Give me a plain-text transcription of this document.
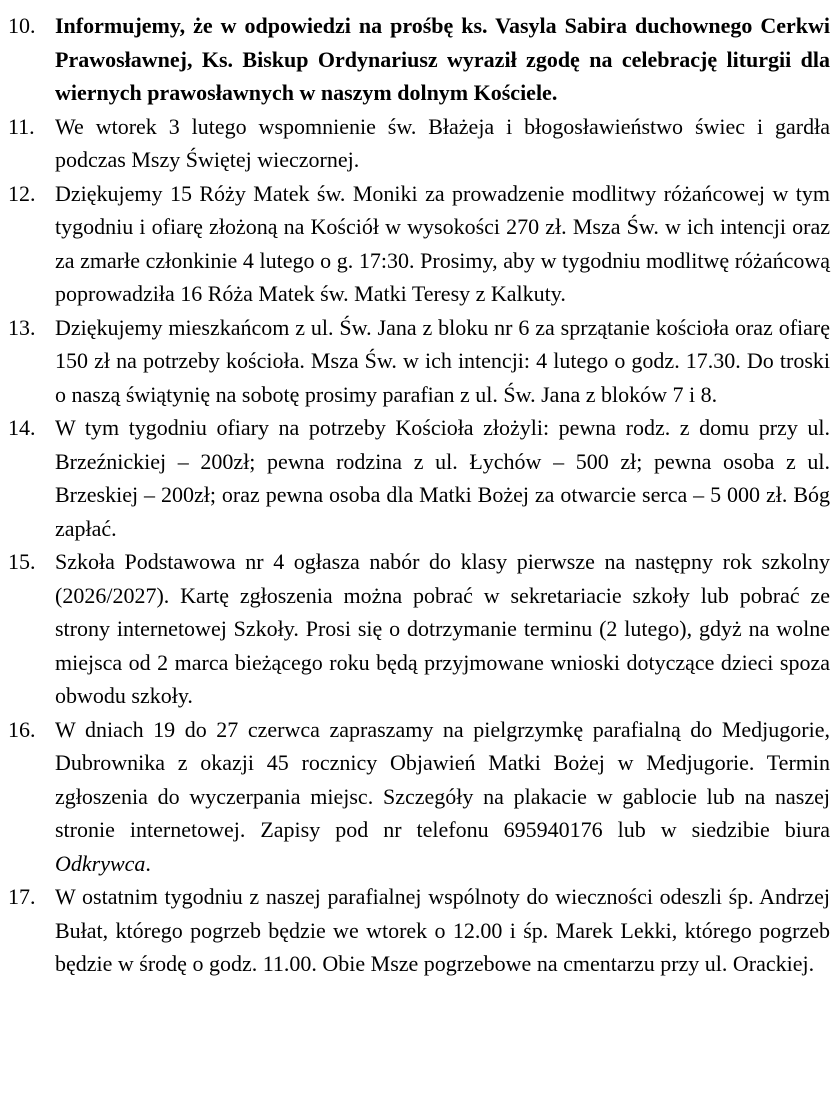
10. Informujemy, że w odpowiedzi na prośbę ks. Vasyla Sabira duchownego Cerkwi Prawosławnej, Ks. Biskup Ordynariusz wyraził zgodę na celebrację liturgii dla wiernych prawosławnych w naszym dolnym Kościele.
11. We wtorek 3 lutego wspomnienie św. Błażeja i błogosławieństwo świec i gardła podczas Mszy Świętej wieczornej.
12. Dziękujemy 15 Róży Matek św. Moniki za prowadzenie modlitwy różańcowej w tym tygodniu i ofiarę złożoną na Kościół w wysokości 270 zł. Msza Św. w ich intencji oraz za zmarłe członkinie 4 lutego o g. 17:30. Prosimy, aby w tygodniu modlitwę różańcową poprowadziła 16 Róża Matek św. Matki Teresy z Kalkuty.
13. Dziękujemy mieszkańcom z ul. Św. Jana z bloku nr 6 za sprzątanie kościoła oraz ofiarę 150 zł na potrzeby kościoła. Msza Św. w ich intencji: 4 lutego o godz. 17.30. Do troski o naszą świątynię na sobotę prosimy parafian z ul. Św. Jana z bloków 7 i 8.
14. W tym tygodniu ofiary na potrzeby Kościoła złożyli: pewna rodz. z domu przy ul. Brzeźnickiej – 200zł; pewna rodzina z ul. Łychów – 500 zł; pewna osoba z ul. Brzeskiej – 200zł; oraz pewna osoba dla Matki Bożej za otwarcie serca – 5 000 zł. Bóg zapłać.
15. Szkoła Podstawowa nr 4 ogłasza nabór do klasy pierwsze na następny rok szkolny (2026/2027). Kartę zgłoszenia można pobrać w sekretariacie szkoły lub pobrać ze strony internetowej Szkoły. Prosi się o dotrzymanie terminu (2 lutego), gdyż na wolne miejsca od 2 marca bieżącego roku będą przyjmowane wnioski dotyczące dzieci spoza obwodu szkoły.
16. W dniach 19 do 27 czerwca zapraszamy na pielgrzymkę parafialną do Medjugorie, Dubrownika z okazji 45 rocznicy Objawień Matki Bożej w Medjugorie. Termin zgłoszenia do wyczerpania miejsc. Szczegóły na plakacie w gablocie lub na naszej stronie internetowej. Zapisy pod nr telefonu 695940176 lub w siedzibie biura Odkrywca.
17. W ostatnim tygodniu z naszej parafialnej wspólnoty do wieczności odeszli śp. Andrzej Bułat, którego pogrzeb będzie we wtorek o 12.00 i śp. Marek Lekki, którego pogrzeb będzie w środę o godz. 11.00. Obie Msze pogrzebowe na cmentarzu przy ul. Orackiej.
